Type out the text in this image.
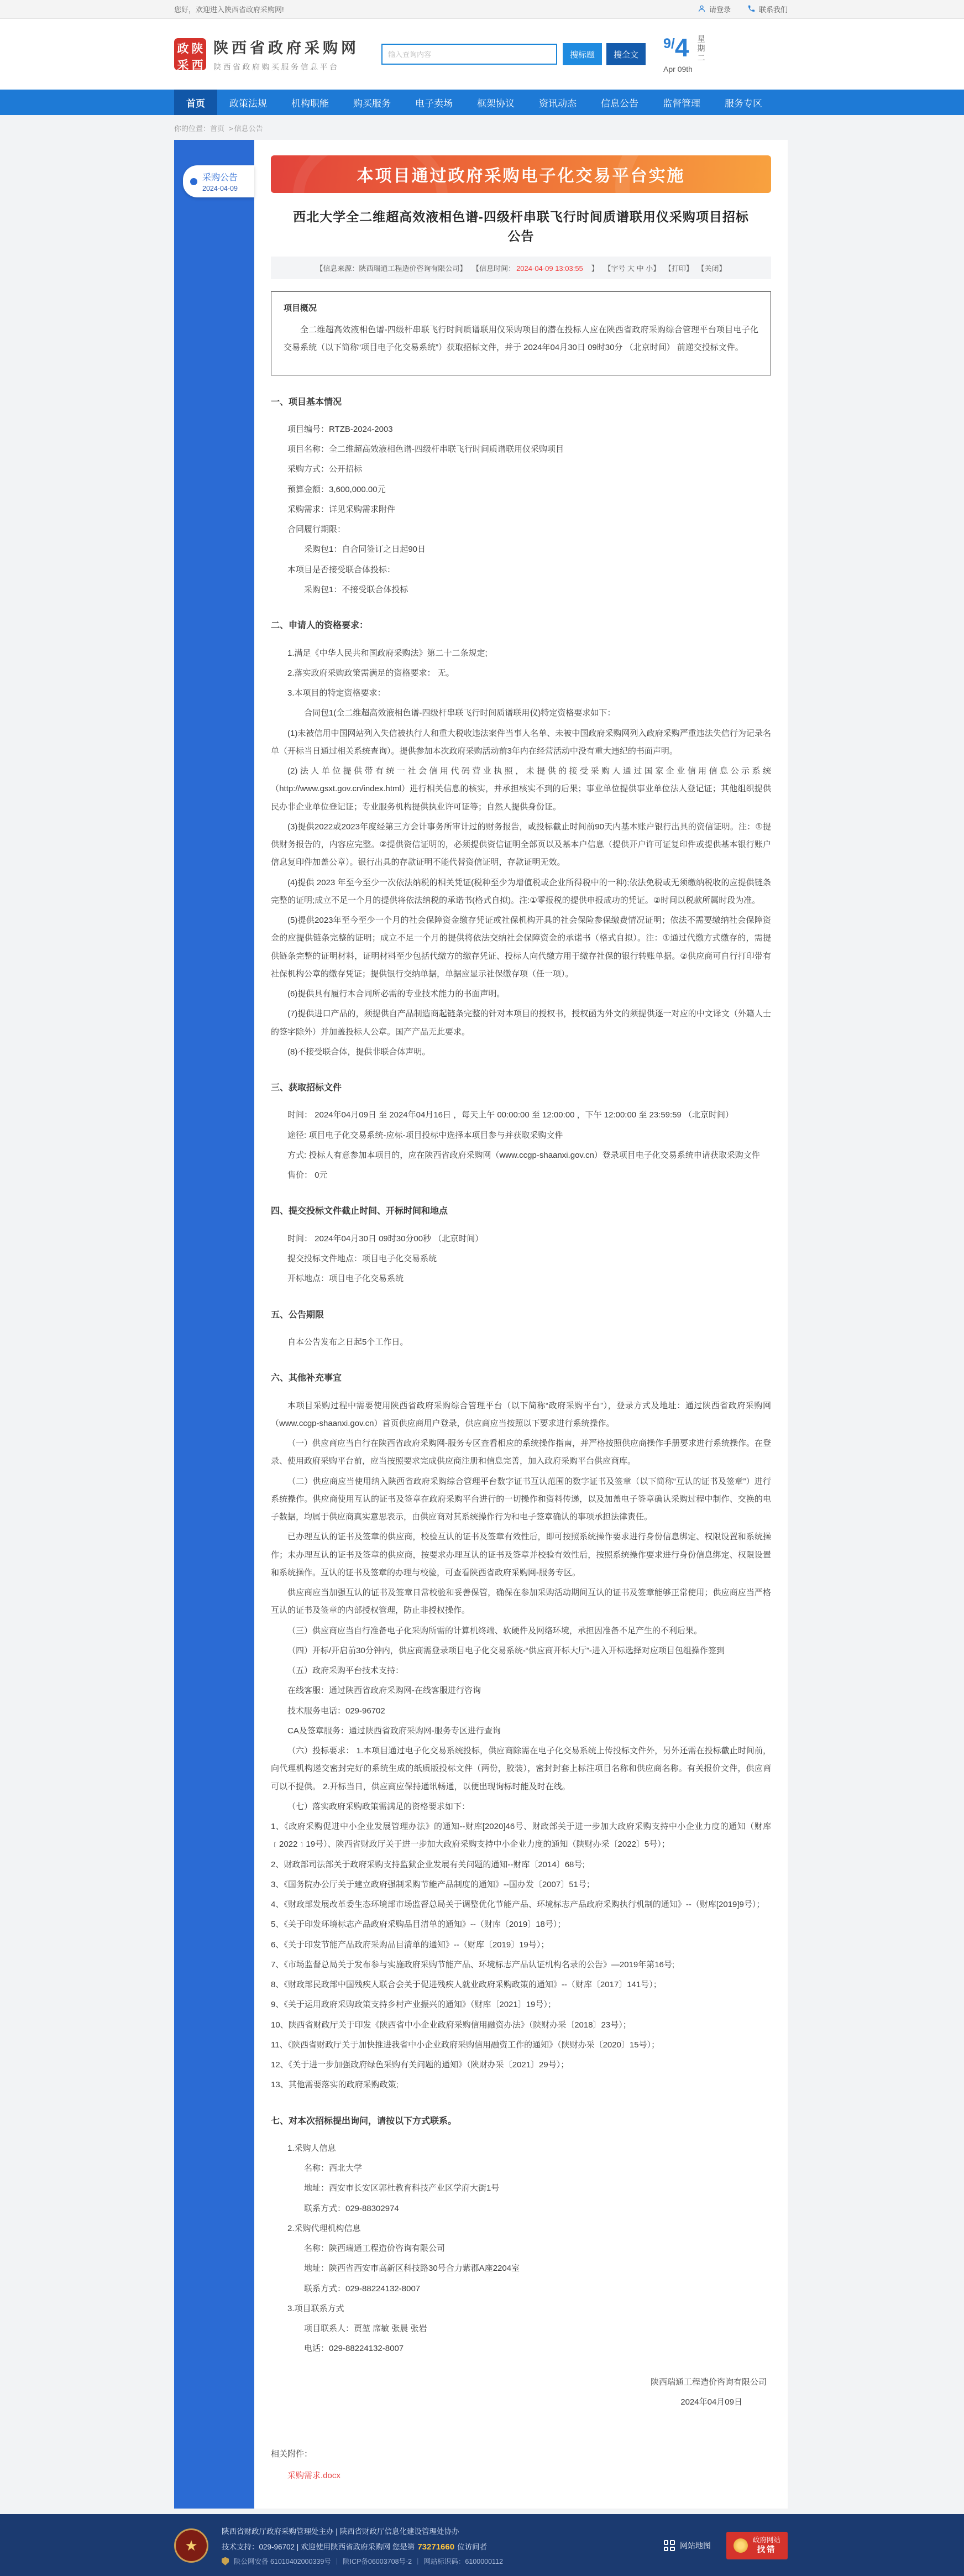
您好，欢迎进入陕西省政府采购网!	请登录	联系我们
政 陕
采 西
陕西省政府采购网
陕西省政府购买服务信息平台
输入查询内容
搜标题	搜全文
9/ 4 星期二
Apr 09th
首页	政策法规	机构职能	购买服务	电子卖场	框架协议	资讯动态	信息公告	监督管理	服务专区
你的位置：首页 > 信息公告
采购公告
2024-04-09
本项目通过政府采购电子化交易平台实施
西北大学全二维超高效液相色谱-四级杆串联飞行时间质谱联用仪采购项目招标公告
【信息来源：陕西瑞通工程造价咨询有限公司】 【信息时间： 2024-04-09 13:03:55　】 【字号 大 中 小】 【打印】 【关闭】
项目概况
全二维超高效液相色谱-四级杆串联飞行时间质谱联用仪采购项目的潜在投标人应在陕西省政府采购综合管理平台项目电子化交易系统（以下简称“项目电子化交易系统”）获取招标文件，并于 2024年04月30日 09时30分 （北京时间） 前递交投标文件。
一、项目基本情况
项目编号：RTZB-2024-2003
项目名称：全二维超高效液相色谱-四级杆串联飞行时间质谱联用仪采购项目
采购方式：公开招标
预算金额：3,600,000.00元
采购需求：详见采购需求附件
合同履行期限：
采购包1：自合同签订之日起90日
本项目是否接受联合体投标：
采购包1：不接受联合体投标
二、申请人的资格要求：
1.满足《中华人民共和国政府采购法》第二十二条规定;
2.落实政府采购政策需满足的资格要求： 无。
3.本项目的特定资格要求：
合同包1(全二维超高效液相色谱-四级杆串联飞行时间质谱联用仪)特定资格要求如下：
(1)未被信用中国网站列入失信被执行人和重大税收违法案件当事人名单、未被中国政府采购网列入政府采购严重违法失信行为记录名单（开标当日通过相关系统查询）。提供参加本次政府采购活动前3年内在经营活动中没有重大违纪的书面声明。
(2)法人单位提供带有统一社会信用代码营业执照，未提供的接受采购人通过国家企业信用信息公示系统（http://www.gsxt.gov.cn/index.html）进行相关信息的核实，并承担核实不到的后果；事业单位提供事业单位法人登记证；其他组织提供民办非企业单位登记证；专业服务机构提供执业许可证等；自然人提供身份证。
(3)提供2022或2023年度经第三方会计事务所审计过的财务报告，或投标截止时间前90天内基本账户银行出具的资信证明。注：①提供财务报告的，内容应完整。②提供资信证明的，必须提供资信证明全部页以及基本户信息（提供开户许可证复印件或提供基本银行账户信息复印件加盖公章）。银行出具的存款证明不能代替资信证明，存款证明无效。
(4)提供 2023 年至今至少一次依法纳税的相关凭证(税种至少为增值税或企业所得税中的一种);依法免税或无须缴纳税收的应提供链条完整的证明;成立不足一个月的提供将依法纳税的承诺书(格式自拟)。注:①零报税的提供申报成功的凭证。②时间以税款所属时段为准。
(5)提供2023年至今至少一个月的社会保障资金缴存凭证或社保机构开具的社会保险参保缴费情况证明；依法不需要缴纳社会保障资金的应提供链条完整的证明；成立不足一个月的提供将依法交纳社会保障资金的承诺书（格式自拟）。注：①通过代缴方式缴存的，需提供链条完整的证明材料，证明材料至少包括代缴方的缴存凭证、投标人向代缴方用于缴存社保的银行转账单据。②供应商可自行打印带有社保机构公章的缴存凭证；提供银行交纳单据，单据应显示社保缴存项（任一项）。
(6)提供具有履行本合同所必需的专业技术能力的书面声明。
(7)提供进口产品的，须提供自产品制造商起链条完整的针对本项目的授权书，授权函为外文的须提供逐一对应的中文译文（外籍人士的签字除外）并加盖投标人公章。国产产品无此要求。
(8)不接受联合体，提供非联合体声明。
三、获取招标文件
时间： 2024年04月09日 至 2024年04月16日 ，每天上午 00:00:00 至 12:00:00 ，下午 12:00:00 至 23:59:59 （北京时间）
途径: 项目电子化交易系统-应标-项目投标中选择本项目参与并获取采购文件
方式: 投标人有意参加本项目的，应在陕西省政府采购网（www.ccgp-shaanxi.gov.cn）登录项目电子化交易系统申请获取采购文件
售价： 0元
四、提交投标文件截止时间、开标时间和地点
时间： 2024年04月30日 09时30分00秒 （北京时间）
提交投标文件地点：项目电子化交易系统
开标地点：项目电子化交易系统
五、公告期限
自本公告发布之日起5个工作日。
六、其他补充事宜
本项目采购过程中需要使用陕西省政府采购综合管理平台（以下简称“政府采购平台”），登录方式及地址：通过陕西省政府采购网（www.ccgp-shaanxi.gov.cn）首页供应商用户登录，供应商应当按照以下要求进行系统操作。
（一）供应商应当自行在陕西省政府采购网-服务专区查看相应的系统操作指南，并严格按照供应商操作手册要求进行系统操作。在登录、使用政府采购平台前，应当按照要求完成供应商注册和信息完善，加入政府采购平台供应商库。
（二）供应商应当使用纳入陕西省政府采购综合管理平台数字证书互认范围的数字证书及签章（以下简称“互认的证书及签章”）进行系统操作。供应商使用互认的证书及签章在政府采购平台进行的一切操作和资料传递，以及加盖电子签章确认采购过程中制作、交换的电子数据，均属于供应商真实意思表示，由供应商对其系统操作行为和电子签章确认的事项承担法律责任。
已办理互认的证书及签章的供应商，校验互认的证书及签章有效性后，即可按照系统操作要求进行身份信息绑定、权限设置和系统操作；未办理互认的证书及签章的供应商，按要求办理互认的证书及签章并校验有效性后，按照系统操作要求进行身份信息绑定、权限设置和系统操作。互认的证书及签章的办理与校验，可查看陕西省政府采购网-服务专区。
供应商应当加强互认的证书及签章日常校验和妥善保管，确保在参加采购活动期间互认的证书及签章能够正常使用；供应商应当严格互认的证书及签章的内部授权管理，防止非授权操作。
（三）供应商应当自行准备电子化采购所需的计算机终端、软硬件及网络环境，承担因准备不足产生的不利后果。
（四）开标/开启前30分钟内，供应商需登录项目电子化交易系统-“供应商开标大厅”-进入开标选择对应项目包组操作签到
（五）政府采购平台技术支持：
在线客服：通过陕西省政府采购网-在线客服进行咨询
技术服务电话：029-96702
CA及签章服务：通过陕西省政府采购网-服务专区进行查询
（六）投标要求： 1.本项目通过电子化交易系统投标，供应商除需在电子化交易系统上传投标文件外，另外还需在投标截止时间前，向代理机构递交密封完好的系统生成的纸质版投标文件（两份，胶装），密封封套上标注项目名称和供应商名称。有关报价文件，供应商可以不提供。 2.开标当日，供应商应保持通讯畅通，以便出现询标时能及时在线。
（七）落实政府采购政策需满足的资格要求如下：
1、《政府采购促进中小企业发展管理办法》的通知--财库[2020]46号、财政部关于进一步加大政府采购支持中小企业力度的通知（财库﹝2022﹞19号）、陕西省财政厅关于进一步加大政府采购支持中小企业力度的通知（陕财办采〔2022〕5号）；
2、财政部司法部关于政府采购支持监狱企业发展有关问题的通知--财库〔2014〕68号;
3、《国务院办公厅关于建立政府强制采购节能产品制度的通知》--国办发〔2007〕51号；
4、《财政部发展改革委生态环境部市场监督总局关于调整优化节能产品、环境标志产品政府采购执行机制的通知》--（财库[2019]9号）；
5、《关于印发环境标志产品政府采购品目清单的通知》--（财库〔2019〕18号）；
6、《关于印发节能产品政府采购品目清单的通知》--（财库〔2019〕19号）；
7、《市场监督总局关于发布参与实施政府采购节能产品、环境标志产品认证机构名录的公告》—2019年第16号;
8、《财政部民政部中国残疾人联合会关于促进残疾人就业政府采购政策的通知》--（财库〔2017〕141号）；
9、《关于运用政府采购政策支持乡村产业振兴的通知》（财库〔2021〕19号）；
10、陕西省财政厅关于印发《陕西省中小企业政府采购信用融资办法》（陕财办采〔2018〕23号）；
11、《陕西省财政厅关于加快推进我省中小企业政府采购信用融资工作的通知》（陕财办采〔2020〕15号）；
12、《关于进一步加强政府绿色采购有关问题的通知》（陕财办采〔2021〕29号）；
13、其他需要落实的政府采购政策;
七、对本次招标提出询问，请按以下方式联系。
1.采购人信息
名称：西北大学
地址：西安市长安区郭杜教育科技产业区学府大街1号
联系方式：029-88302974
2.采购代理机构信息
名称：陕西瑞通工程造价咨询有限公司
地址：陕西省西安市高新区科技路30号合力紫郡A座2204室
联系方式：029-88224132-8007
3.项目联系方式
项目联系人：贾堃 席敏 张晨 张岩
电话：029-88224132-8007
陕西瑞通工程造价咨询有限公司
2024年04月09日
相关附件：
采购需求.docx
★
陕西省财政厅政府采购管理处主办 | 陕西省财政厅信息化建设管理处协办
技术支持：029-96702 | 欢迎使用陕西省政府采购网 您是第 73271660 位访问者
陕公网安备 61010402000339号 | 陕ICP备06003708号-2 | 网站标识码：6100000112
网站地图
政府网站
找错
